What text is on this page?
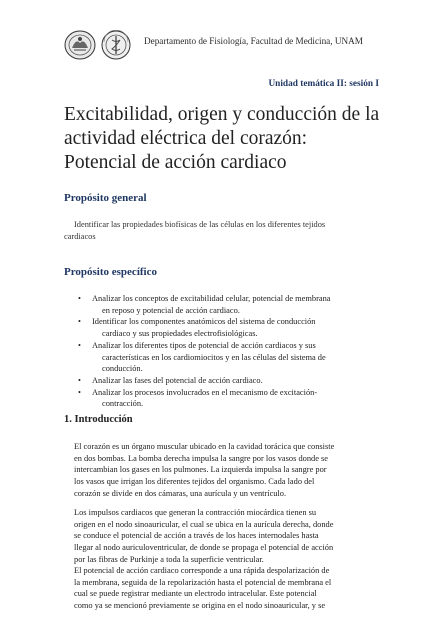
Departamento de Fisiología, Facultad de Medicina, UNAM
Unidad temática II: sesión I
Excitabilidad, origen y conducción de la
actividad eléctrica del corazón:
Potencial de acción cardiaco
Propósito general
Identificar las propiedades biofísicas de las células en los diferentes tejidos
cardiacos
Propósito específico
• Analizar los conceptos de excitabilidad celular, potencial de membrana
en reposo y potencial de acción cardiaco.
• Identificar los componentes anatómicos del sistema de conducción
cardiaco y sus propiedades electrofisiológicas.
• Analizar los diferentes tipos de potencial de acción cardiacos y sus
características en los cardiomiocitos y en las células del sistema de
conducción.
• Analizar las fases del potencial de acción cardiaco.
• Analizar los procesos involucrados en el mecanismo de excitación-
contracción.
1. Introducción
El corazón es un órgano muscular ubicado en la cavidad torácica que consiste
en dos bombas. La bomba derecha impulsa la sangre por los vasos donde se
intercambian los gases en los pulmones. La izquierda impulsa la sangre por
los vasos que irrigan los diferentes tejidos del organismo. Cada lado del
corazón se divide en dos cámaras, una aurícula y un ventrículo.
Los impulsos cardiacos que generan la contracción miocárdica tienen su
origen en el nodo sinoauricular, el cual se ubica en la aurícula derecha, donde
se conduce el potencial de acción a través de los haces internodales hasta
llegar al nodo auriculoventricular, de donde se propaga el potencial de acción
por las fibras de Purkinje a toda la superficie ventricular.
El potencial de acción cardiaco corresponde a una rápida despolarización de
la membrana, seguida de la repolarización hasta el potencial de membrana el
cual se puede registrar mediante un electrodo intracelular. Este potencial
como ya se mencionó previamente se origina en el nodo sinoauricular, y se
